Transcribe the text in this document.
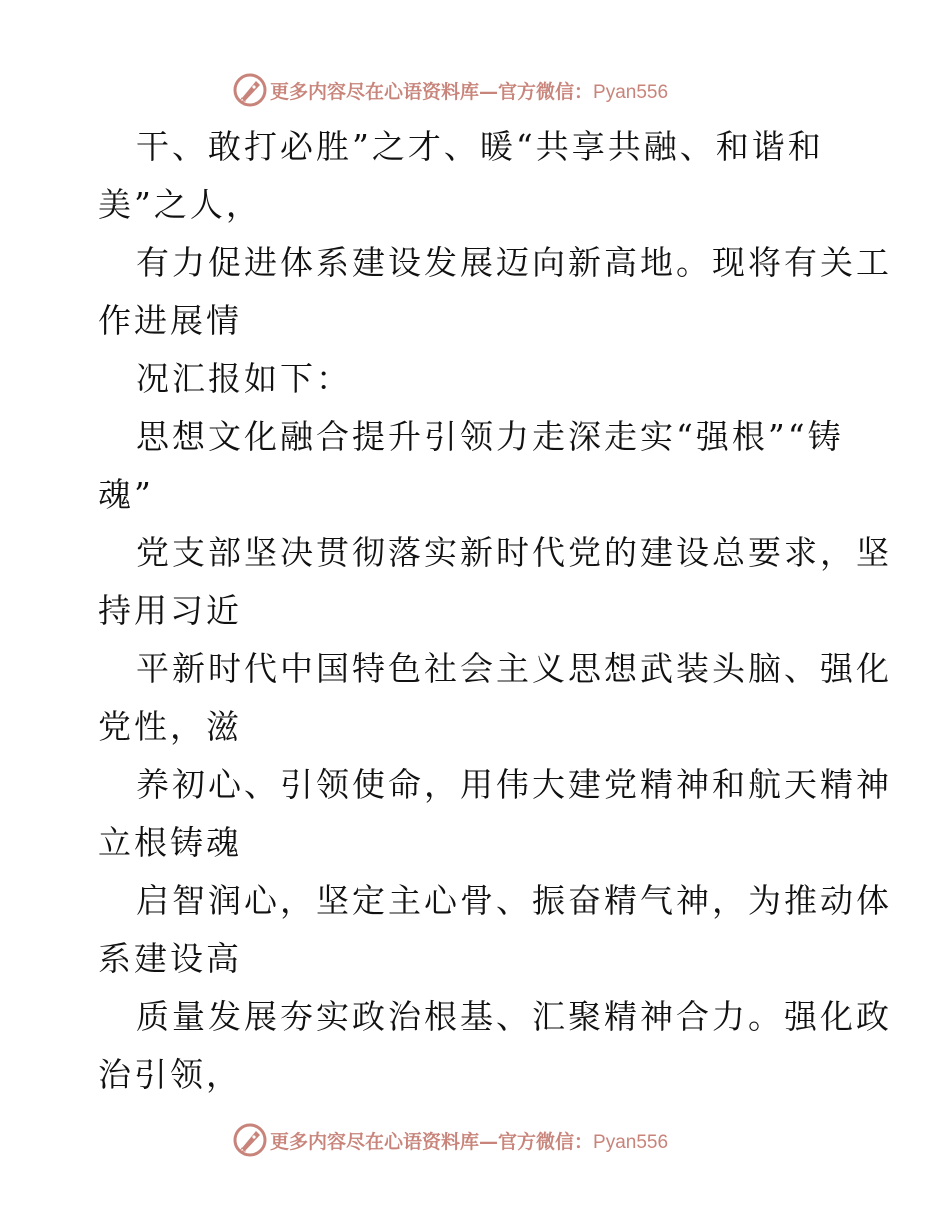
更多内容尽在心语资料库—官方微信：Pyan556
干、敢打必胜”之才、暖“共享共融、和谐和
美”之人，
有力促进体系建设发展迈向新高地。现将有关工
作进展情
况汇报如下：
思想文化融合提升引领力走深走实“强根”“铸
魂”
党支部坚决贯彻落实新时代党的建设总要求，坚
持用习近
平新时代中国特色社会主义思想武装头脑、强化
党性，滋
养初心、引领使命，用伟大建党精神和航天精神
立根铸魂
启智润心，坚定主心骨、振奋精气神，为推动体
系建设高
质量发展夯实政治根基、汇聚精神合力。强化政
治引领，
更多内容尽在心语资料库—官方微信：Pyan556
